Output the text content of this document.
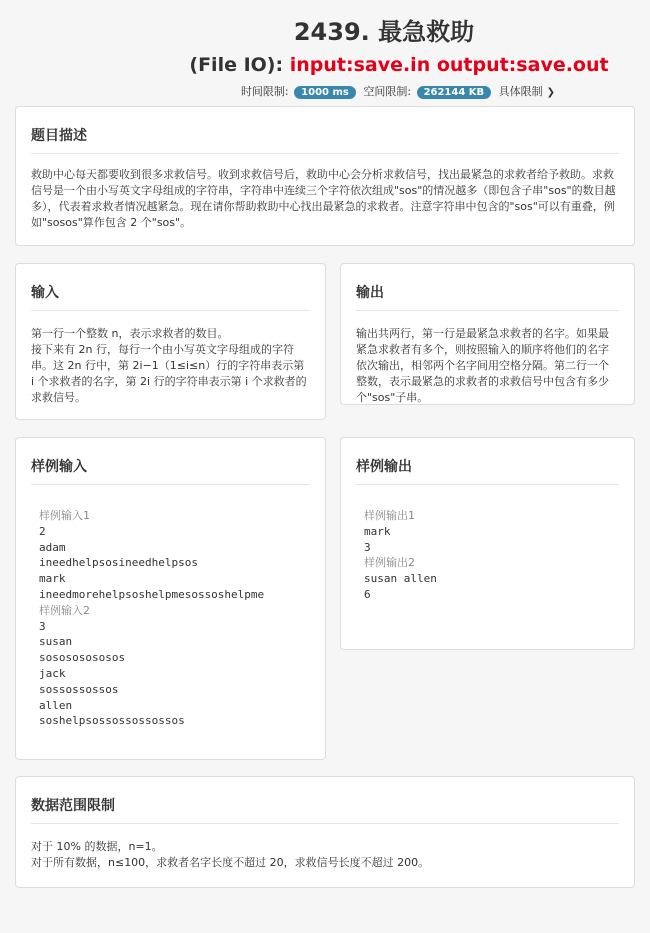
2439. 最急救助
(File IO): input:save.in output:save.out
时间限制: 1000 ms 空间限制: 262144 KB 具体限制 ❯
题目描述
救助中心每天都要收到很多求救信号。收到求救信号后，救助中心会分析求救信号，找出最紧急的求救者给予救助。求救信号是一个由小写英文字母组成的字符串，字符串中连续三个字符依次组成"sos"的情况越多（即包含子串"sos"的数目越多），代表着求救者情况越紧急。现在请你帮助救助中心找出最紧急的求救者。注意字符串中包含的"sos"可以有重叠，例如"sosos"算作包含 2 个"sos"。
输入

第一行一个整数 n，表示求救者的数目。

接下来有 2n 行，每行一个由小写英文字母组成的字符串。这 2n 行中，第 2i−1（1≤i≤n）行的字符串表示第 i 个求救者的名字，第 2i 行的字符串表示第 i 个求救者的求救信号。

输出
输出共两行，第一行是最紧急求救者的名字。如果最紧急求救者有多个，则按照输入的顺序将他们的名字依次输出，相邻两个名字间用空格分隔。第二行一个整数，表示最紧急的求救者的求救信号中包含有多少个"sos"子串。
样例输入
样例输入1
2
adam
ineedhelpsosineedhelpsos
mark
ineedmorehelpsoshelpmesossoshelpme
样例输入2
3
susan
sosososososos
jack
sossossossos
allen
soshelpsossossossossos
样例输出
样例输出1
mark
3
样例输出2
susan allen
6
数据范围限制

对于 10% 的数据，n=1。

对于所有数据，n≤100，求救者名字长度不超过 20，求救信号长度不超过 200。
